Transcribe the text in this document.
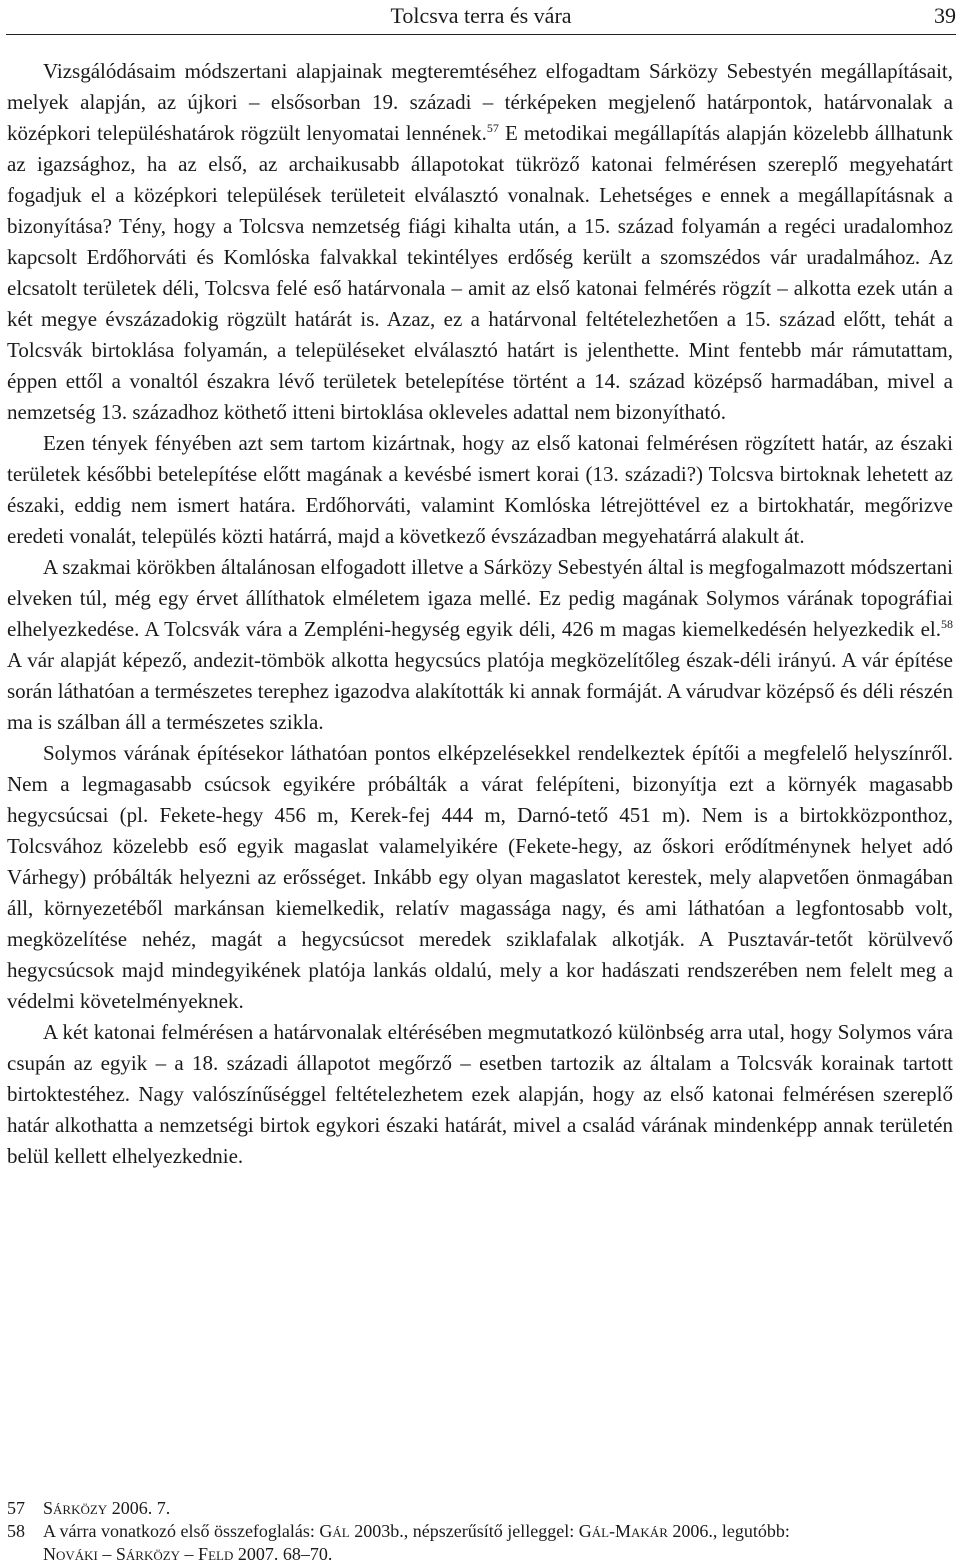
Tolcsva terra és vára	39

Vizsgálódásaim módszertani alapjainak megteremtéséhez elfogadtam Sárközy Sebestyén megállapításait, melyek alapján, az újkori – elsősorban 19. századi – térképeken megjelenő határpontok, határvonalak a középkori településhatárok rögzült lenyomatai lennének.$^{57}$ E metodikai megállapítás alapján közelebb állhatunk az igazsághoz, ha az első, az archaikusabb állapotokat tükröző katonai felmérésen szereplő megyehatárt fogadjuk el a középkori települések területeit elválasztó vonalnak. Lehetséges e ennek a megállapításnak a bizonyítása? Tény, hogy a Tolcsva nemzetség fiági kihalta után, a 15. század folyamán a regéci uradalomhoz kapcsolt Erdőhorváti és Komlóska falvakkal tekintélyes erdőség került a szomszédos vár uradalmához. Az elcsatolt területek déli, Tolcsva felé eső határvonala – amit az első katonai felmérés rögzít – alkotta ezek után a két megye évszázadokig rögzült határát is. Azaz, ez a határvonal feltételezhetően a 15. század előtt, tehát a Tolcsvák birtoklása folyamán, a településeket elválasztó határt is jelenthette. Mint fentebb már rámutattam, éppen ettől a vonaltól északra lévő területek betelepítése történt a 14. század középső harmadában, mivel a nemzetség 13. századhoz köthető itteni birtoklása okleveles adattal nem bizonyítható.

Ezen tények fényében azt sem tartom kizártnak, hogy az első katonai felmérésen rögzített határ, az északi területek későbbi betelepítése előtt magának a kevésbé ismert korai (13. századi?) Tolcsva birtoknak lehetett az északi, eddig nem ismert határa. Erdőhorváti, valamint Komlóska létrejöttével ez a birtokhatár, megőrizve eredeti vonalát, település közti határrá, majd a következő évszázadban megyehatárrá alakult át.

A szakmai körökben általánosan elfogadott illetve a Sárközy Sebestyén által is megfogalmazott módszertani elveken túl, még egy érvet állíthatok elméletem igaza mellé. Ez pedig magának Solymos várának topográfiai elhelyezkedése. A Tolcsvák vára a Zempléni-hegység egyik déli, 426 m magas kiemelkedésén helyezkedik el.$^{58}$ A vár alapját képező, andezit-tömbök alkotta hegycsúcs platója megközelítőleg észak-déli irányú. A vár építése során láthatóan a természetes terephez igazodva alakították ki annak formáját. A várudvar középső és déli részén ma is szálban áll a természetes szikla.

Solymos várának építésekor láthatóan pontos elképzelésekkel rendelkeztek építői a megfelelő helyszínről. Nem a legmagasabb csúcsok egyikére próbálták a várat felépíteni, bizonyítja ezt a környék magasabb hegycsúcsai (pl. Fekete-hegy 456 m, Kerek-fej 444 m, Darnó-tető 451 m). Nem is a birtokközponthoz, Tolcsvához közelebb eső egyik magaslat valamelyikére (Fekete-hegy, az őskori erődítménynek helyet adó Várhegy) próbálták helyezni az erősséget. Inkább egy olyan magaslatot kerestek, mely alapvetően önmagában áll, környezetéből markánsan kiemelkedik, relatív magassága nagy, és ami láthatóan a legfontosabb volt, megközelítése nehéz, magát a hegycsúcsot meredek sziklafalak alkotják. A Pusztavár-tetőt körülvevő hegycsúcsok majd mindegyikének platója lankás oldalú, mely a kor hadászati rendszerében nem felelt meg a védelmi követelményeknek.

A két katonai felmérésen a határvonalak eltérésében megmutatkozó különbség arra utal, hogy Solymos vára csupán az egyik – a 18. századi állapotot megőrző – esetben tartozik az általam a Tolcsvák korainak tartott birtoktestéhez. Nagy valószínűséggel feltételezhetem ezek alapján, hogy az első katonai felmérésen szereplő határ alkothatta a nemzetségi birtok egykori északi határát, mivel a család várának mindenképp annak területén belül kellett elhelyezkednie.

57 Sárközy 2006. 7.
58 A várra vonatkozó első összefoglalás: Gál 2003b., népszerűsítő jelleggel: Gál-Makár 2006., legutóbb:
Nováki – Sárközy – Feld 2007. 68–70.
